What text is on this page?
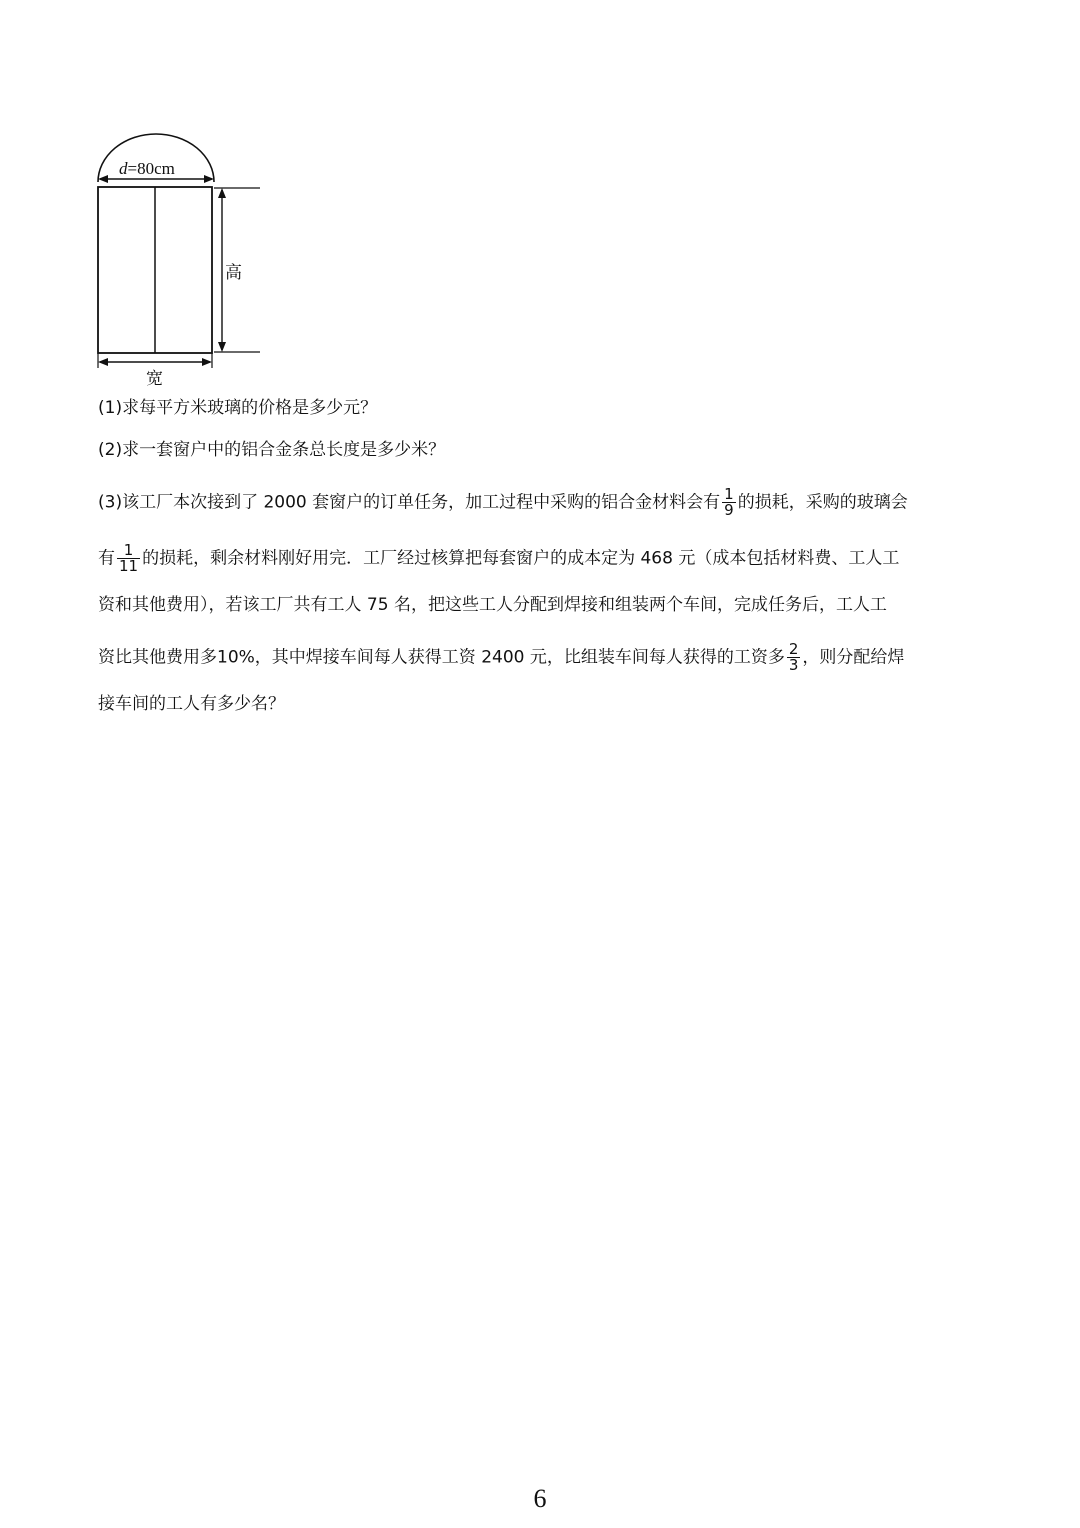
d=80cm
高
宽

(1)求每平方米玻璃的价格是多少元？

(2)求一套窗户中的铝合金条总长度是多少米？

(3)该工厂本次接到了 2000 套窗户的订单任务，加工过程中采购的铝合金材料会有 $\frac{1}{9}$ 的损耗，采购的玻璃会

有 $\frac{1}{11}$ 的损耗，剩余材料刚好用完．工厂经过核算把每套窗户的成本定为 468 元（成本包括材料费、工人工

资和其他费用），若该工厂共有工人 75 名，把这些工人分配到焊接和组装两个车间，完成任务后，工人工

资比其他费用多10%，其中焊接车间每人获得工资 2400 元，比组装车间每人获得的工资多 $\frac{2}{3}$ ，则分配给焊

接车间的工人有多少名？

6
